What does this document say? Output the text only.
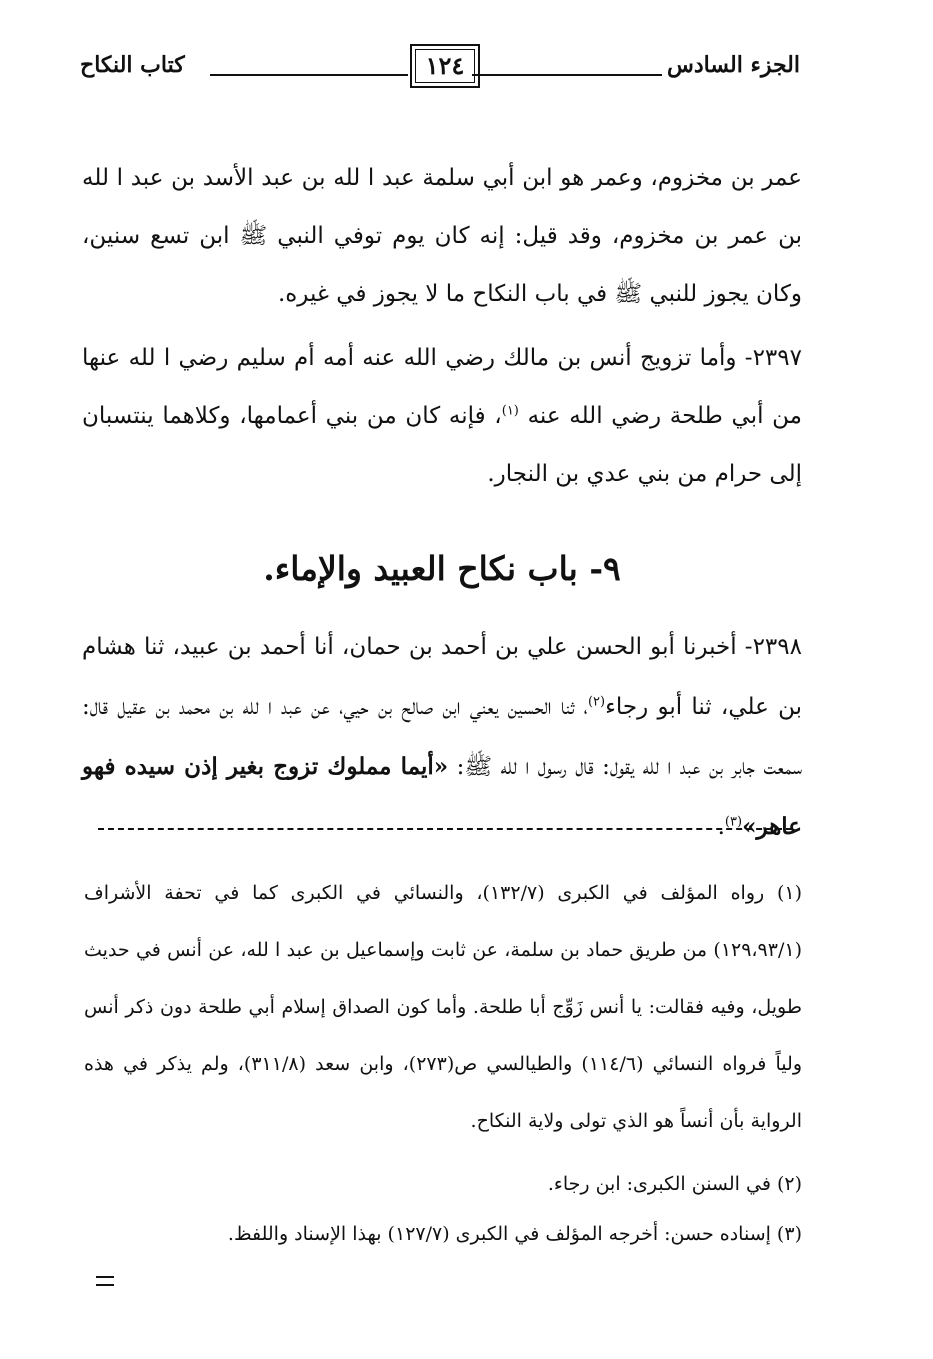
الجزء السادس
١٢٤
كتاب النكاح

عمر بن مخزوم، وعمر هو ابن أبي سلمة عبد ا لله بن عبد الأسد بن عبد ا لله بن عمر بن مخزوم، وقد قيل: إنه كان يوم توفي النبي ﷺ ابن تسع سنين، وكان يجوز للنبي ﷺ في باب النكاح ما لا يجوز في غيره.

٢٣٩٧- وأما تزويج أنس بن مالك رضي الله عنه أمه أم سليم رضي ا لله عنها من أبي طلحة رضي الله عنه $^{(١)}$، فإنه كان من بني أعمامها، وكلاهما ينتسبان إلى حرام من بني عدي بن النجار.

٩- باب نكاح العبيد والإماء.

٢٣٩٨- أخبرنا أبو الحسن علي بن أحمد بن حمان، أنا أحمد بن عبيد، ثنا هشام بن علي، ثنا أبو رجاء$^{(٢)}$، ثنا الحسين يعني ابن صالح بن حيي، عن عبد ا لله بن محمد بن عقيل قال: سمعت جابر بن عبد ا لله يقول: قال رسول ا لله ﷺ: «أيما مملوك تزوج بغير إذن سيده فهو عاهر»$^{(٣)}$.

(١) رواه المؤلف في الكبرى (١٣٢/٧)، والنسائي في الكبرى كما في تحفة الأشراف (١٢٩،٩٣/١) من طريق حماد بن سلمة، عن ثابت وإسماعيل بن عبد ا لله، عن أنس في حديث طويل، وفيه فقالت: يا أنس زَوِّج أبا طلحة. وأما كون الصداق إسلام أبي طلحة دون ذكر أنس ولياً فرواه النسائي (١١٤/٦) والطيالسي ص(٢٧٣)، وابن سعد (٣١١/٨)، ولم يذكر في هذه الرواية بأن أنساً هو الذي تولى ولاية النكاح.

(٢) في السنن الكبرى: ابن رجاء.

(٣) إسناده حسن: أخرجه المؤلف في الكبرى (١٢٧/٧) بهذا الإسناد واللفظ.
